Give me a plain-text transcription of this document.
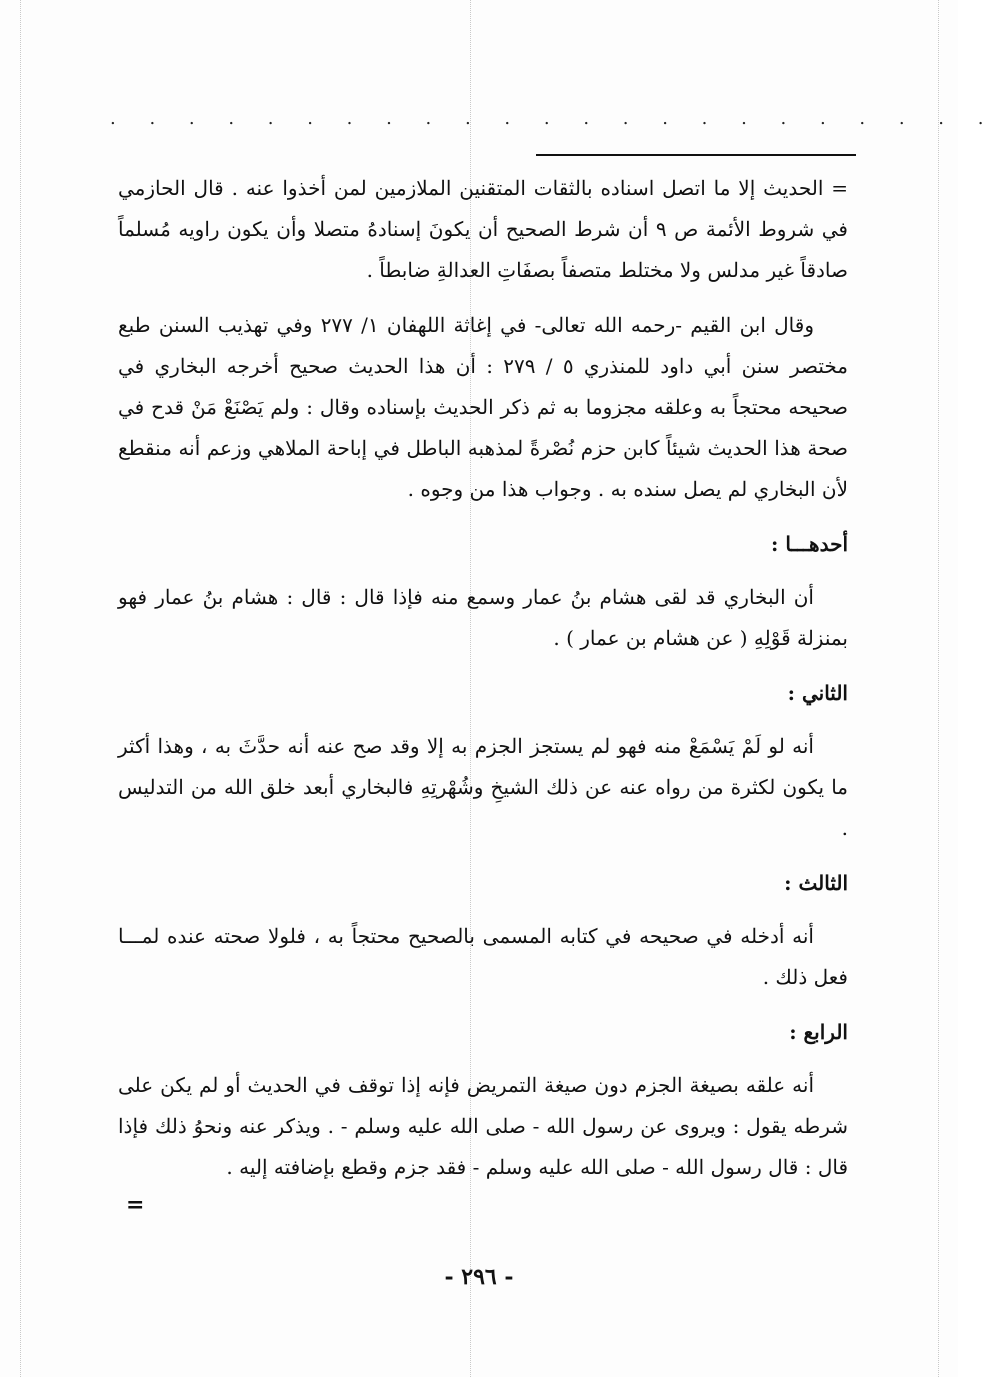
. . . . . . . . . . . . . . . . . . . . . . .

= الحديث إلا ما اتصل اسناده بالثقات المتقنين الملازمين لمن أخذوا عنه . قال الحازمي في شروط الأئمة ص ٩ أن شرط الصحيح أن يكونَ إسنادهُ متصلا وأن يكون راويه مُسلماً صادقاً غير مدلس ولا مختلط متصفاً بصفَاتِ العدالةِ ضابطاً .

وقال ابن القيم -رحمه الله تعالى- في إغاثة اللهفان ١/ ٢٧٧ وفي تهذيب السنن طبع مختصر سنن أبي داود للمنذري ٥ / ٢٧٩ : أن هذا الحديث صحيح أخرجه البخاري في صحيحه محتجاً به وعلقه مجزوما به ثم ذكر الحديث بإسناده وقال : ولم يَصْنَعْ مَنْ قدح في صحة هذا الحديث شيئاً كابن حزم نُصْرةً لمذهبه الباطل في إباحة الملاهي وزعم أنه منقطع لأن البخاري لم يصل سنده به . وجواب هذا من وجوه .

أحدهـــا :

أن البخاري قد لقى هشام بنُ عمار وسمع منه فإذا قال : قال : هشام بنُ عمار فهو بمنزلة قَوْلِهِ ( عن هشام بن عمار ) .

الثاني :

أنه لو لَمْ يَسْمَعْ منه فهو لم يستجز الجزم به إلا وقد صح عنه أنه حدَّثَ به ، وهذا أكثر ما يكون لكثرة من رواه عنه عن ذلك الشيخِ وشُهْرتِهِ فالبخاري أبعد خلق الله من التدليس .

الثالث :

أنه أدخله في صحيحه في كتابه المسمى بالصحيح محتجاً به ، فلولا صحته عنده لمـــا فعل ذلك .

الرابع :

أنه علقه بصيغة الجزم دون صيغة التمريض فإنه إذا توقف في الحديث أو لم يكن على شرطه يقول : ويروى عن رسول الله - صلى الله عليه وسلم - . ويذكر عنه ونحوُ ذلك فإذا قال : قال رسول الله - صلى الله عليه وسلم - فقد جزم وقطع بإضافته إليه .

=
- ٢٩٦ -
